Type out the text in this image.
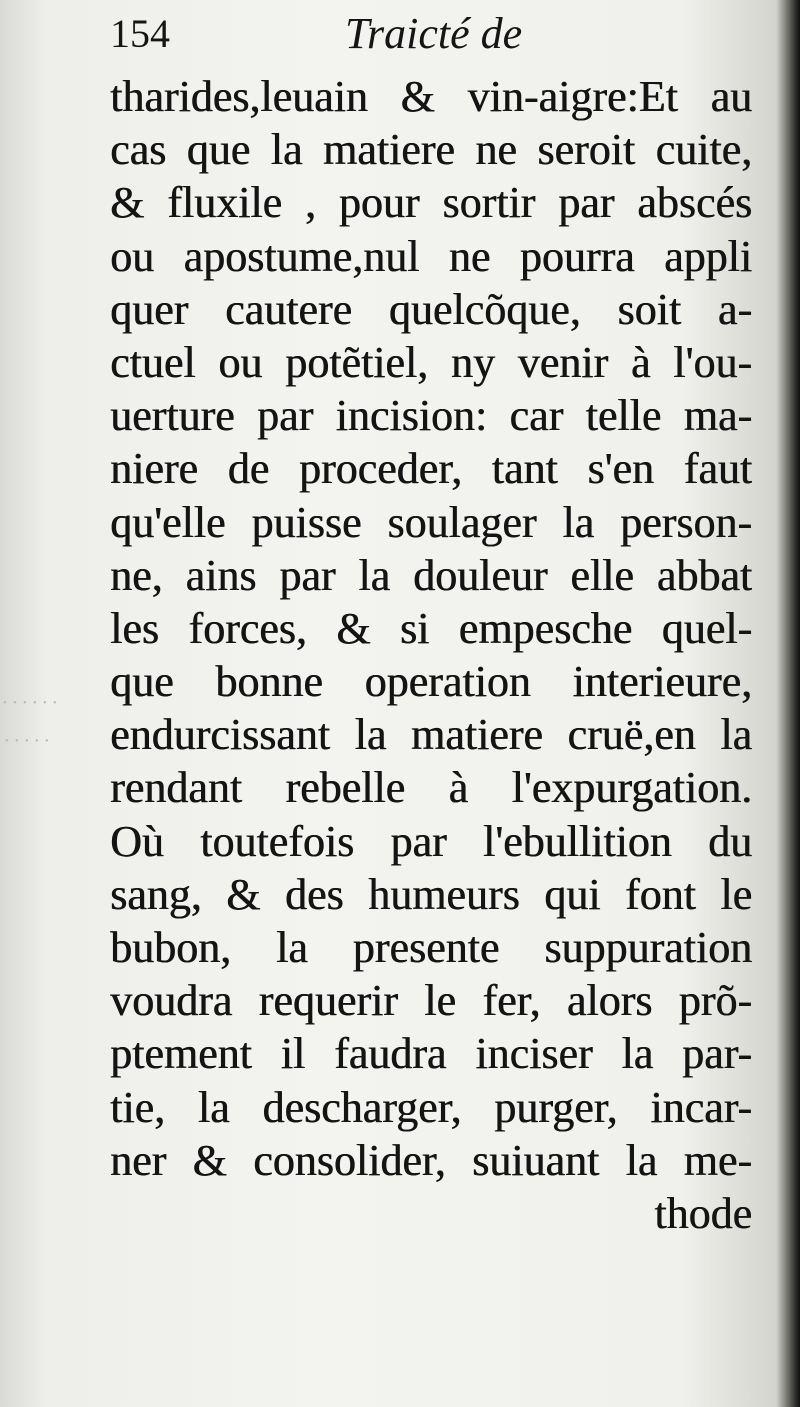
· · · · · ·
· · · · ·
154	Traicté de
tharides,leuain & vin-aigre:Et au
cas que la matiere ne seroit cuite,
& fluxile , pour sortir par abscés
ou apostume,nul ne pourra appli
quer cautere quelcõque, soit a-
ctuel ou potẽtiel, ny venir à l'ou-
uerture par incision: car telle ma-
niere de proceder, tant s'en faut
qu'elle puisse soulager la person-
ne, ains par la douleur elle abbat
les forces, & si empesche quel-
que bonne operation interieure,
endurcissant la matiere cruë,en la
rendant rebelle à l'expurgation.
Où toutefois par l'ebullition du
sang, & des humeurs qui font le
bubon, la presente suppuration
voudra requerir le fer, alors prõ-
ptement il faudra inciser la par-
tie, la descharger, purger, incar-
ner & consolider, suiuant la me-
thode
